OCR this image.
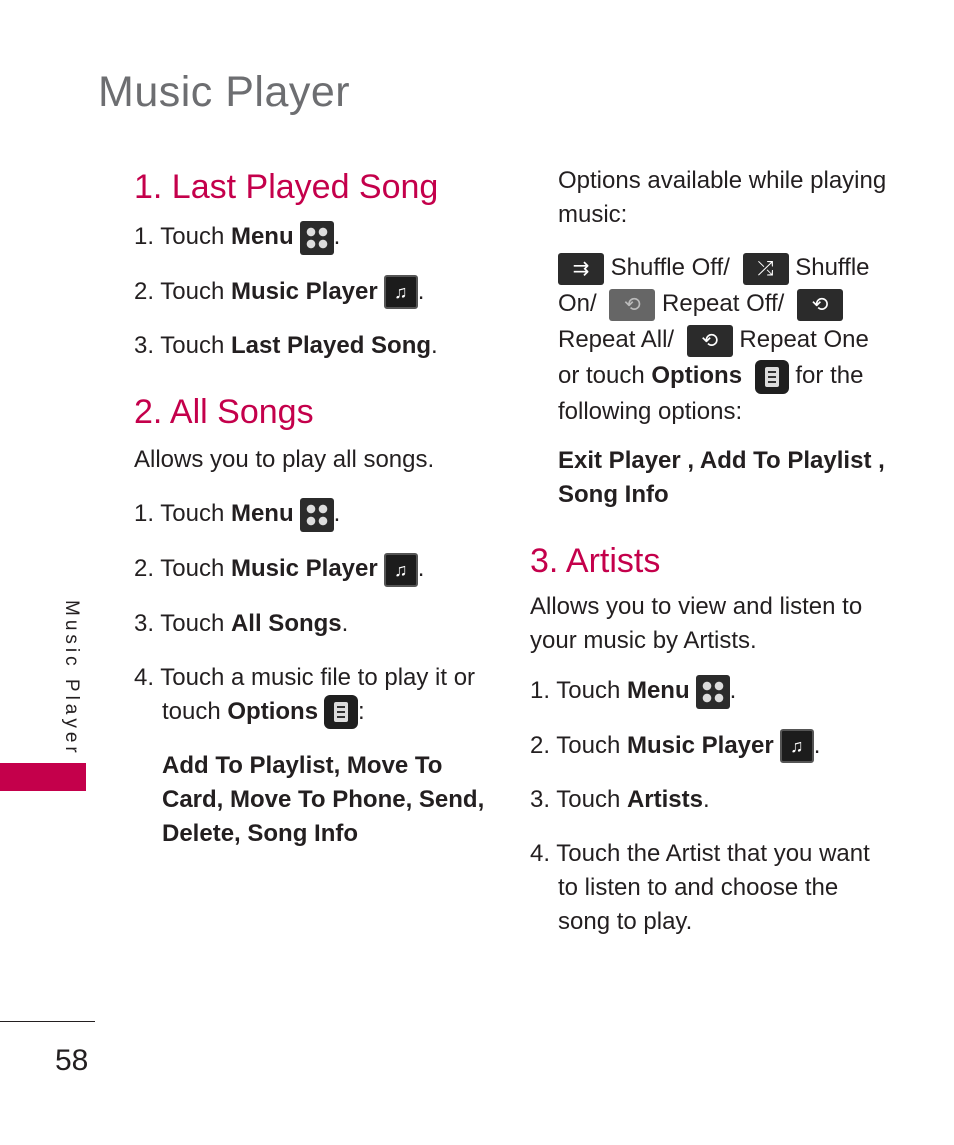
Music Player
1. Last Played Song

1. Touch Menu .

2. Touch Music Player ♫ .

3. Touch Last Played Song.

2. All Songs

Allows you to play all songs.

1. Touch Menu .

2. Touch Music Player ♫ .

3. Touch All Songs.

4. Touch a music file to play it or

touch Options :

Add To Playlist, Move To Card, Move To Phone, Send, Delete, Song Info

Options available while playing music:

⇉ Shuffle Off/ ⤮ Shuffle On/ ⟲ Repeat Off/ ⟲ Repeat All/ ⟲ Repeat One or touch Options for the following options:

Exit Player , Add To Playlist , Song Info

3. Artists

Allows you to view and listen to your music by Artists.

1. Touch Menu .

2. Touch Music Player ♫ .

3. Touch Artists.

4. Touch the Artist that you want to listen to and choose the song to play.

Music Player
58
